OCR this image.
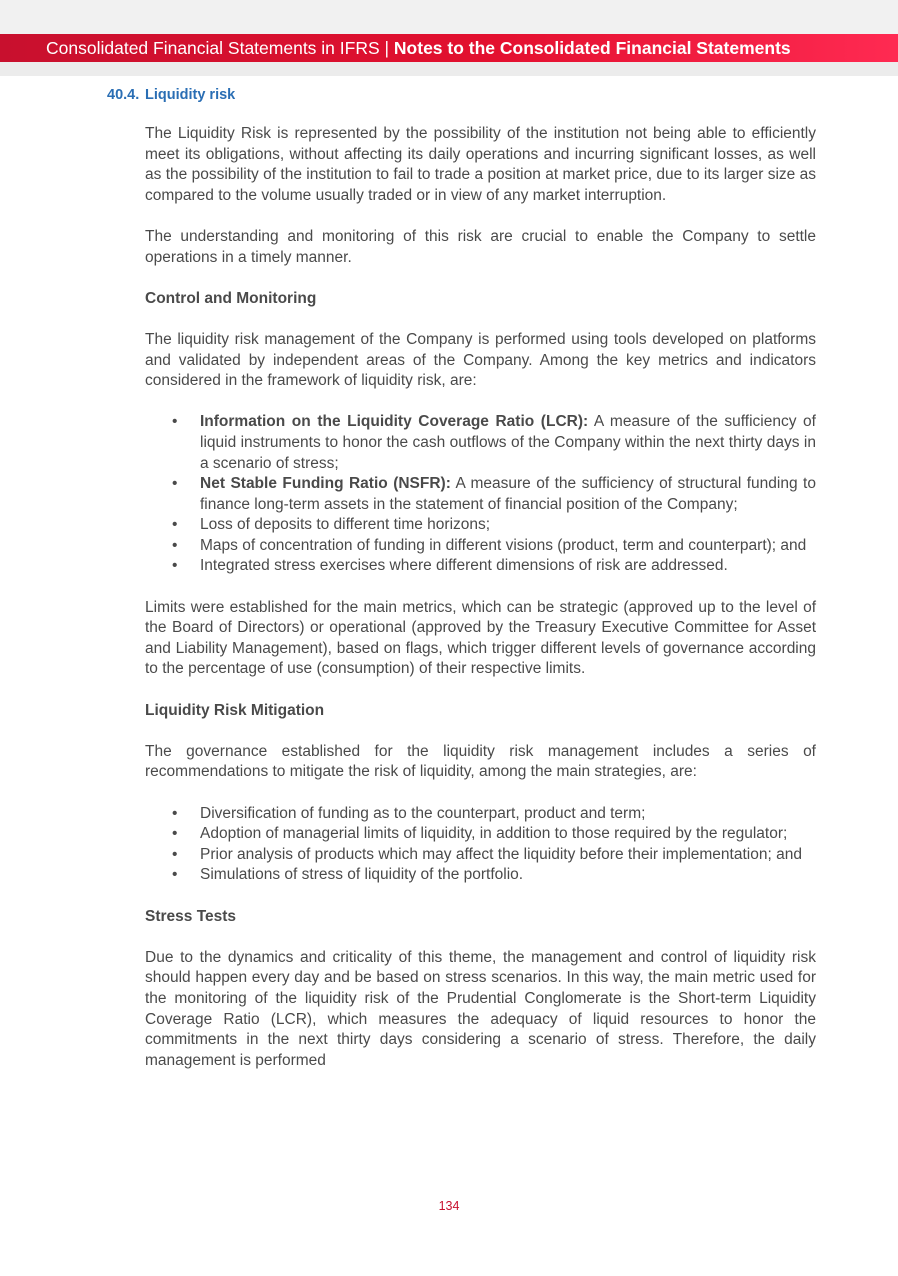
Consolidated Financial Statements in IFRS | Notes to the Consolidated Financial Statements
40.4. Liquidity risk

The Liquidity Risk is represented by the possibility of the institution not being able to efficiently meet its obligations, without affecting its daily operations and incurring significant losses, as well as the possibility of the institution to fail to trade a position at market price, due to its larger size as compared to the volume usually traded or in view of any market interruption.

The understanding and monitoring of this risk are crucial to enable the Company to settle operations in a timely manner.

Control and Monitoring

The liquidity risk management of the Company is performed using tools developed on platforms and validated by independent areas of the Company. Among the key metrics and indicators considered in the framework of liquidity risk, are:

• Information on the Liquidity Coverage Ratio (LCR): A measure of the sufficiency of liquid instruments to honor the cash outflows of the Company within the next thirty days in a scenario of stress;
• Net Stable Funding Ratio (NSFR): A measure of the sufficiency of structural funding to finance long-term assets in the statement of financial position of the Company;
• Loss of deposits to different time horizons;
• Maps of concentration of funding in different visions (product, term and counterpart); and
• Integrated stress exercises where different dimensions of risk are addressed.

Limits were established for the main metrics, which can be strategic (approved up to the level of the Board of Directors) or operational (approved by the Treasury Executive Committee for Asset and Liability Management), based on flags, which trigger different levels of governance according to the percentage of use (consumption) of their respective limits.

Liquidity Risk Mitigation

The governance established for the liquidity risk management includes a series of recommendations to mitigate the risk of liquidity, among the main strategies, are:

• Diversification of funding as to the counterpart, product and term;
• Adoption of managerial limits of liquidity, in addition to those required by the regulator;
• Prior analysis of products which may affect the liquidity before their implementation; and
• Simulations of stress of liquidity of the portfolio.
Stress Tests

Due to the dynamics and criticality of this theme, the management and control of liquidity risk should happen every day and be based on stress scenarios. In this way, the main metric used for the monitoring of the liquidity risk of the Prudential Conglomerate is the Short-term Liquidity Coverage Ratio (LCR), which measures the adequacy of liquid resources to honor the commitments in the next thirty days considering a scenario of stress. Therefore, the daily management is performed

134
